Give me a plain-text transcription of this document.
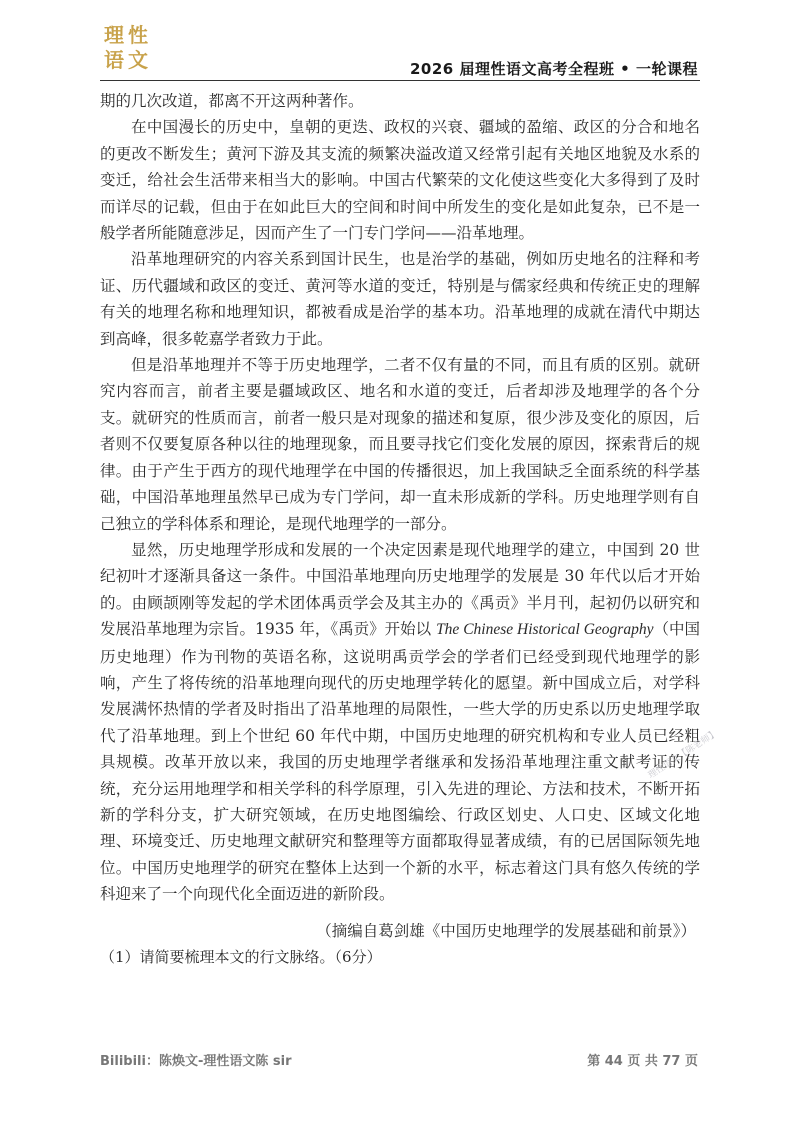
理 性
语 文	2026 届理性语文高考全程班 • 一轮课程

期的几次改道，都离不开这两种著作。

在中国漫长的历史中，皇朝的更迭、政权的兴衰、疆域的盈缩、政区的分合和地名的更改不断发生；黄河下游及其支流的频繁决溢改道又经常引起有关地区地貌及水系的变迁，给社会生活带来相当大的影响。中国古代繁荣的文化使这些变化大多得到了及时而详尽的记载，但由于在如此巨大的空间和时间中所发生的变化是如此复杂，已不是一般学者所能随意涉足，因而产生了一门专门学问——沿革地理。

沿革地理研究的内容关系到国计民生，也是治学的基础，例如历史地名的注释和考证、历代疆域和政区的变迁、黄河等水道的变迁，特别是与儒家经典和传统正史的理解有关的地理名称和地理知识，都被看成是治学的基本功。沿革地理的成就在清代中期达到高峰，很多乾嘉学者致力于此。

但是沿革地理并不等于历史地理学，二者不仅有量的不同，而且有质的区别。就研究内容而言，前者主要是疆域政区、地名和水道的变迁，后者却涉及地理学的各个分支。就研究的性质而言，前者一般只是对现象的描述和复原，很少涉及变化的原因，后者则不仅要复原各种以往的地理现象，而且要寻找它们变化发展的原因，探索背后的规律。由于产生于西方的现代地理学在中国的传播很迟，加上我国缺乏全面系统的科学基础，中国沿革地理虽然早已成为专门学问，却一直未形成新的学科。历史地理学则有自己独立的学科体系和理论，是现代地理学的一部分。

显然，历史地理学形成和发展的一个决定因素是现代地理学的建立，中国到 20 世纪初叶才逐渐具备这一条件。中国沿革地理向历史地理学的发展是 30 年代以后才开始的。由顾颉刚等发起的学术团体禹贡学会及其主办的《禹贡》半月刊，起初仍以研究和发展沿革地理为宗旨。1935 年，《禹贡》开始以 The Chinese Historical Geography（中国历史地理）作为刊物的英语名称，这说明禹贡学会的学者们已经受到现代地理学的影响，产生了将传统的沿革地理向现代的历史地理学转化的愿望。新中国成立后，对学科发展满怀热情的学者及时指出了沿革地理的局限性，一些大学的历史系以历史地理学取代了沿革地理。到上个世纪 60 年代中期，中国历史地理的研究机构和专业人员已经粗具规模。改革开放以来，我国的历史地理学者继承和发扬沿革地理注重文献考证的传统，充分运用地理学和相关学科的科学原理，引入先进的理论、方法和技术，不断开拓新的学科分支，扩大研究领域，在历史地图编绘、行政区划史、人口史、区域文化地理、环境变迁、历史地理文献研究和整理等方面都取得显著成绩，有的已居国际领先地位。中国历史地理学的研究在整体上达到一个新的水平，标志着这门具有悠久传统的学科迎来了一个向现代化全面迈进的新阶段。

（摘编自葛剑雄《中国历史地理学的发展基础和前景》）
（1）请简要梳理本文的行文脉络。（6分）
理性语文【陈老师】
Bilibili：陈焕文-理性语文陈 sir	第 44 页 共 77 页
